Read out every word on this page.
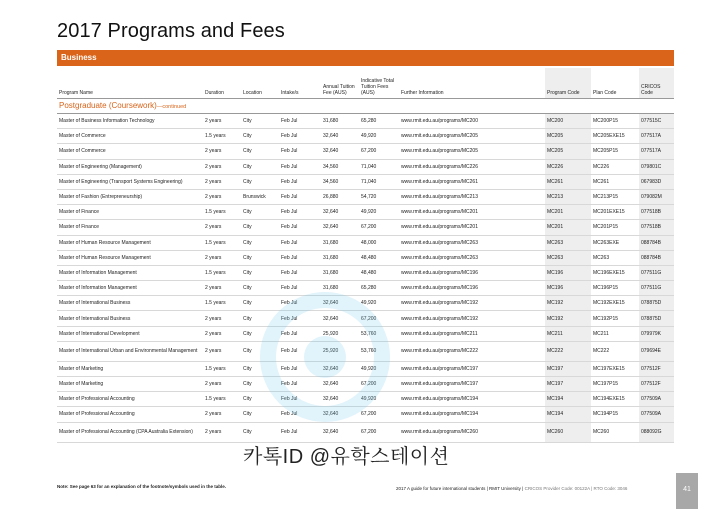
2017 Programs and Fees
Business
Program Name	Duration	Location	Intake/s	Annual Tuition Fee (AUS)	Indicative Total Tuition Fees (AUS)	Further Information	Program Code	Plan Code	CRICOS Code
Postgraduate (Coursework)—continued									
Master of Business Information Technology	2 years	City	Feb Jul	31,680	65,280	www.rmit.edu.au/programs/MC200	MC200	MC200P15	077515C
Master of Commerce	1.5 years	City	Feb Jul	32,640	49,920	www.rmit.edu.au/programs/MC205	MC205	MC205EXE15	077517A
Master of Commerce	2 years	City	Feb Jul	32,640	67,200	www.rmit.edu.au/programs/MC205	MC205	MC205P15	077517A
Master of Engineering (Management)	2 years	City	Feb Jul	34,560	71,040	www.rmit.edu.au/programs/MC226	MC226	MC226	079801C
Master of Engineering (Transport Systems Engineering)	2 years	City	Feb Jul	34,560	71,040	www.rmit.edu.au/programs/MC261	MC261	MC261	067983D
Master of Fashion (Entrepreneurship)	2 years	Brunswick	Feb Jul	26,880	54,720	www.rmit.edu.au/programs/MC213	MC213	MC213P15	079082M
Master of Finance	1.5 years	City	Feb Jul	32,640	49,920	www.rmit.edu.au/programs/MC201	MC201	MC201EXE15	077518B
Master of Finance	2 years	City	Feb Jul	32,640	67,200	www.rmit.edu.au/programs/MC201	MC201	MC201P15	077518B
Master of Human Resource Management	1.5 years	City	Feb Jul	31,680	48,000	www.rmit.edu.au/programs/MC263	MC263	MC263EXE	088784B
Master of Human Resource Management	2 years	City	Feb Jul	31,680	48,480	www.rmit.edu.au/programs/MC263	MC263	MC263	088784B
Master of Information Management	1.5 years	City	Feb Jul	31,680	48,480	www.rmit.edu.au/programs/MC196	MC196	MC196EXE15	077511G
Master of Information Management	2 years	City	Feb Jul	31,680	65,280	www.rmit.edu.au/programs/MC196	MC196	MC196P15	077511G
Master of International Business	1.5 years	City	Feb Jul	32,640	49,920	www.rmit.edu.au/programs/MC192	MC192	MC192EXE15	078875D
Master of International Business	2 years	City	Feb Jul	32,640	67,200	www.rmit.edu.au/programs/MC192	MC192	MC192P15	078875D
Master of International Development	2 years	City	Feb Jul	25,920	53,760	www.rmit.edu.au/programs/MC211	MC211	MC211	079979K
Master of International Urban and Environmental Management	2 years	City	Feb Jul	25,920	53,760	www.rmit.edu.au/programs/MC222	MC222	MC222	079694E
Master of Marketing	1.5 years	City	Feb Jul	32,640	49,920	www.rmit.edu.au/programs/MC197	MC197	MC197EXE15	077512F
Master of Marketing	2 years	City	Feb Jul	32,640	67,200	www.rmit.edu.au/programs/MC197	MC197	MC197P15	077512F
Master of Professional Accounting	1.5 years	City	Feb Jul	32,640	49,920	www.rmit.edu.au/programs/MC194	MC194	MC194EXE15	077509A
Master of Professional Accounting	2 years	City	Feb Jul	32,640	67,200	www.rmit.edu.au/programs/MC194	MC194	MC194P15	077509A
Master of Professional Accounting (CPA Australia Extension)	2 years	City	Feb Jul	32,640	67,200	www.rmit.edu.au/programs/MC260	MC260	MC260	088092G
카톡ID @유학스테이션
Note: See page 63 for an explanation of the footnote/symbols used in the table.	2017 A guide for future international students | RMIT University | CRICOS Provider Code: 00122A | RTO Code: 3046	41
